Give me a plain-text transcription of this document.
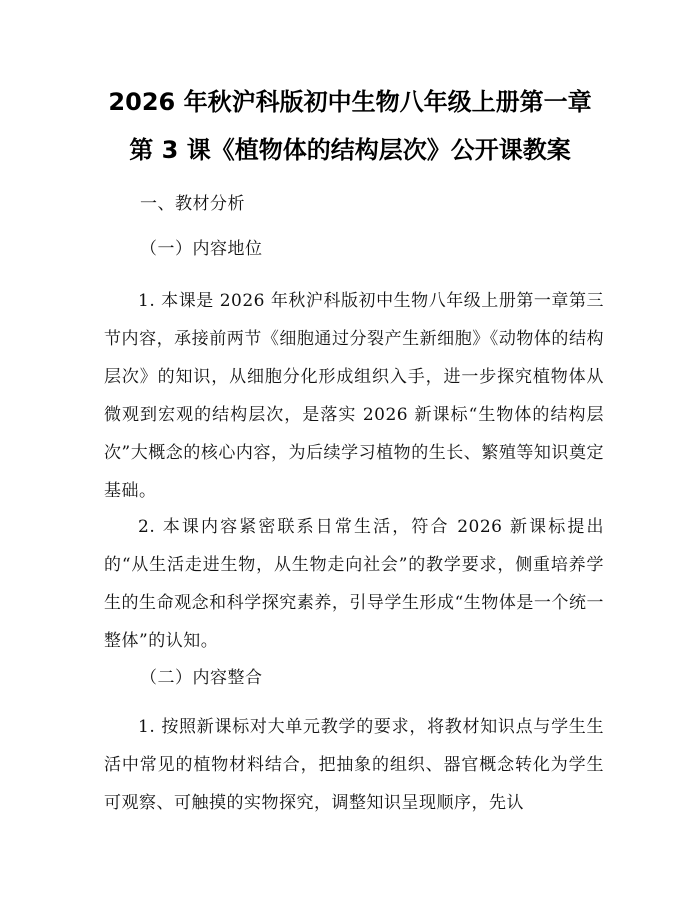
2026 年秋沪科版初中生物八年级上册第一章
第 3 课《植物体的结构层次》公开课教案
一、教材分析
（一）内容地位
1. 本课是 2026 年秋沪科版初中生物八年级上册第一章第三节内容，承接前两节《细胞通过分裂产生新细胞》《动物体的结构层次》的知识，从细胞分化形成组织入手，进一步探究植物体从微观到宏观的结构层次，是落实 2026 新课标“生物体的结构层次”大概念的核心内容，为后续学习植物的生长、繁殖等知识奠定基础。
2. 本课内容紧密联系日常生活，符合 2026 新课标提出的“从生活走进生物，从生物走向社会”的教学要求，侧重培养学生的生命观念和科学探究素养，引导学生形成“生物体是一个统一整体”的认知。
（二）内容整合
1. 按照新课标对大单元教学的要求，将教材知识点与学生生活中常见的植物材料结合，把抽象的组织、器官概念转化为学生可观察、可触摸的实物探究，调整知识呈现顺序，先认
